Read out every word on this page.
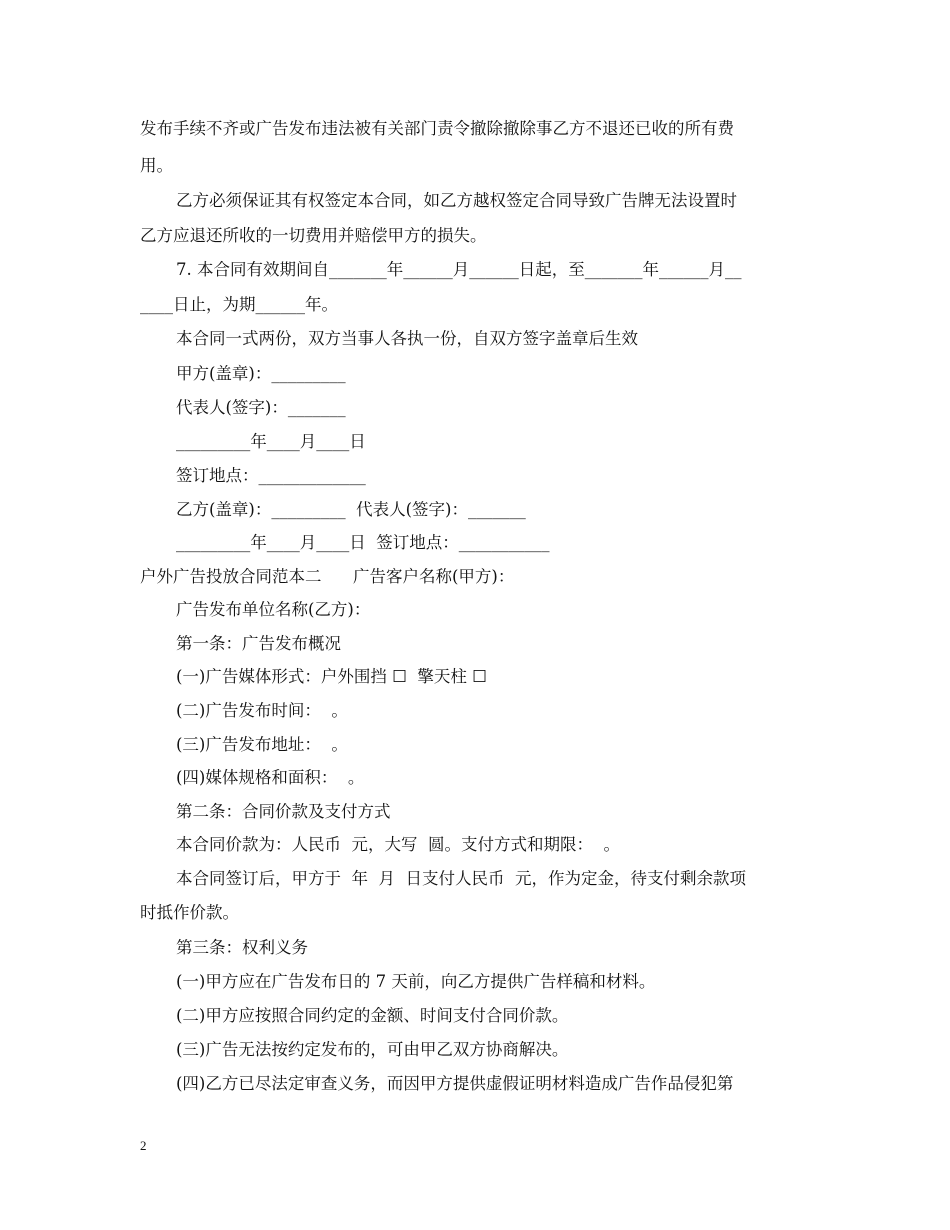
发布手续不齐或广告发布违法被有关部门责令撤除撤除事乙方不退还已收的所有费
用。
乙方必须保证其有权签定本合同，如乙方越权签定合同导致广告牌无法设置时
乙方应退还所收的一切费用并赔偿甲方的损失。
7. 本合同有效期间自_______年______月______日起，至_______年______月__
____日止，为期______年。
本合同一式两份，双方当事人各执一份，自双方签字盖章后生效
甲方(盖章)：_________
代表人(签字)：_______
_________年____月____日
签订地点：_____________
乙方(盖章)：_________  代表人(签字)：_______
_________年____月____日  签订地点：___________
户外广告投放合同范本二      广告客户名称(甲方)：
广告发布单位名称(乙方)：
第一条：广告发布概况
(一)广告媒体形式：户外围挡 ☐  擎天柱 ☐
(二)广告发布时间：  。
(三)广告发布地址：  。
(四)媒体规格和面积：  。
第二条：合同价款及支付方式
本合同价款为：人民币  元，大写  圆。支付方式和期限：  。
本合同签订后，甲方于  年  月  日支付人民币  元，作为定金，待支付剩余款项
时抵作价款。
第三条：权利义务
(一)甲方应在广告发布日的 7 天前，向乙方提供广告样稿和材料。
(二)甲方应按照合同约定的金额、时间支付合同价款。
(三)广告无法按约定发布的，可由甲乙双方协商解决。
(四)乙方已尽法定审查义务，而因甲方提供虚假证明材料造成广告作品侵犯第
2
